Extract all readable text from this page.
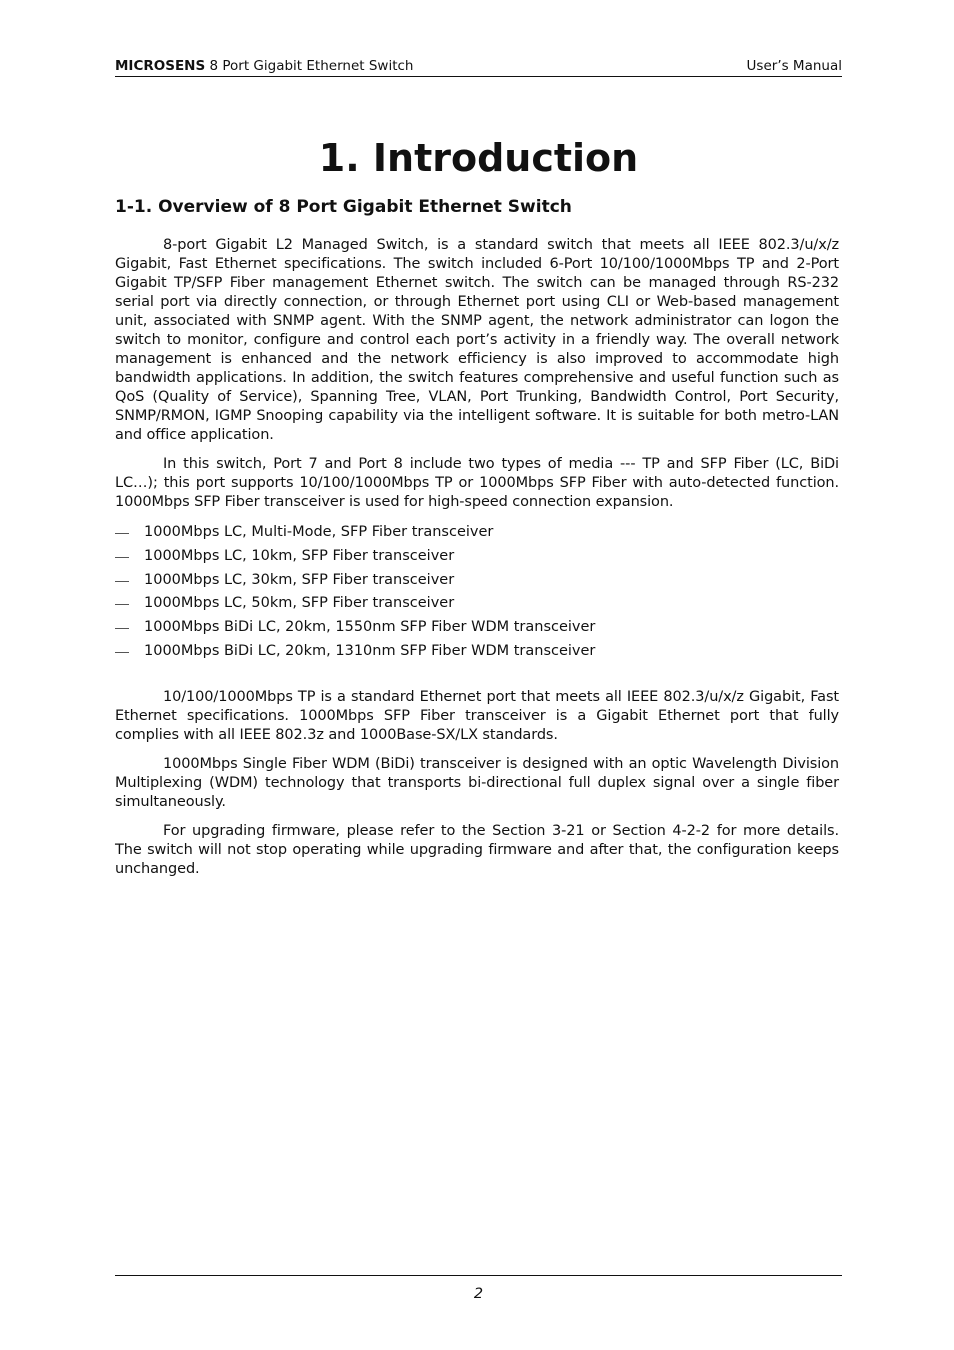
MICROSENS 8 Port Gigabit Ethernet Switch	User’s Manual
1. Introduction
1-1. Overview of 8 Port Gigabit Ethernet Switch

8-port Gigabit L2 Managed Switch, is a standard switch that meets all IEEE 802.3/u/x/z Gigabit, Fast Ethernet specifications. The switch included 6-Port 10/100/1000Mbps TP and 2-Port Gigabit TP/SFP Fiber management Ethernet switch. The switch can be managed through RS-232 serial port via directly connection, or through Ethernet port using CLI or Web-based management unit, associated with SNMP agent. With the SNMP agent, the network administrator can logon the switch to monitor, configure and control each port’s activity in a friendly way. The overall network management is enhanced and the network efficiency is also improved to accommodate high bandwidth applications. In addition, the switch features comprehensive and useful function such as QoS (Quality of Service), Spanning Tree, VLAN, Port Trunking, Bandwidth Control, Port Security, SNMP/RMON, IGMP Snooping capability via the intelligent software. It is suitable for both metro-LAN and office application.

In this switch, Port 7 and Port 8 include two types of media --- TP and SFP Fiber (LC, BiDi LC…); this port supports 10/100/1000Mbps TP or 1000Mbps SFP Fiber with auto-detected function. 1000Mbps SFP Fiber transceiver is used for high-speed connection expansion.

1000Mbps LC, Multi-Mode, SFP Fiber transceiver
1000Mbps LC, 10km, SFP Fiber transceiver
1000Mbps LC, 30km, SFP Fiber transceiver
1000Mbps LC, 50km, SFP Fiber transceiver
1000Mbps BiDi LC, 20km, 1550nm SFP Fiber WDM transceiver
1000Mbps BiDi LC, 20km, 1310nm SFP Fiber WDM transceiver

10/100/1000Mbps TP is a standard Ethernet port that meets all IEEE 802.3/u/x/z Gigabit, Fast Ethernet specifications. 1000Mbps SFP Fiber transceiver is a Gigabit Ethernet port that fully complies with all IEEE 802.3z and 1000Base-SX/LX standards.

1000Mbps Single Fiber WDM (BiDi) transceiver is designed with an optic Wavelength Division Multiplexing (WDM) technology that transports bi-directional full duplex signal over a single fiber simultaneously.

For upgrading firmware, please refer to the Section 3-21 or Section 4-2-2 for more details. The switch will not stop operating while upgrading firmware and after that, the configuration keeps unchanged.

2
